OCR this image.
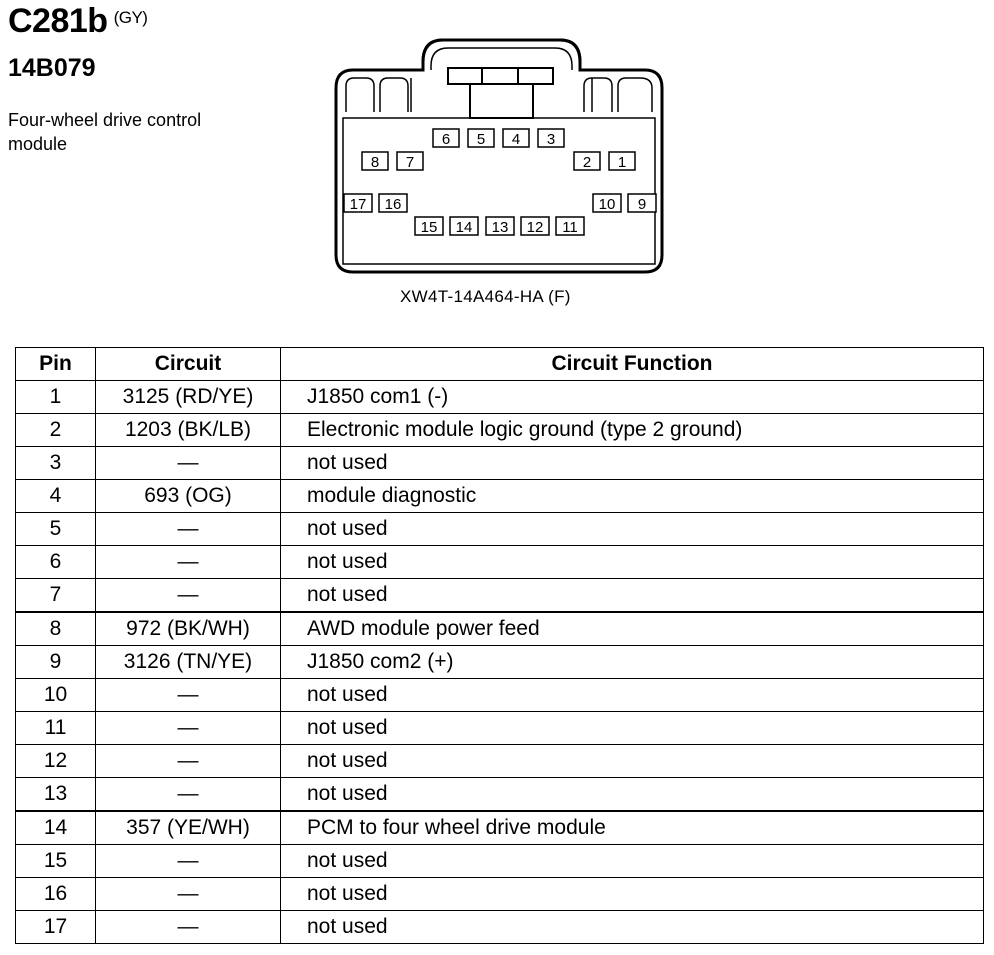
C281b $^{(GY)}$
14B079
Four-wheel drive control module	6 5 4 3
8 7	2 1
17 16	10 9
15 14 13 12 11
XW4T-14A464-HA (F)
Pin	Circuit	Circuit Function
1	3125 (RD/YE)	J1850 com1 (-)
2	1203 (BK/LB)	Electronic module logic ground (type 2 ground)
3	—	not used
4	693 (OG)	module diagnostic
5	—	not used
6	—	not used
7	—	not used
8	972 (BK/WH)	AWD module power feed
9	3126 (TN/YE)	J1850 com2 (+)
10	—	not used
11	—	not used
12	—	not used
13	—	not used
14	357 (YE/WH)	PCM to four wheel drive module
15	—	not used
16	—	not used
17	—	not used
